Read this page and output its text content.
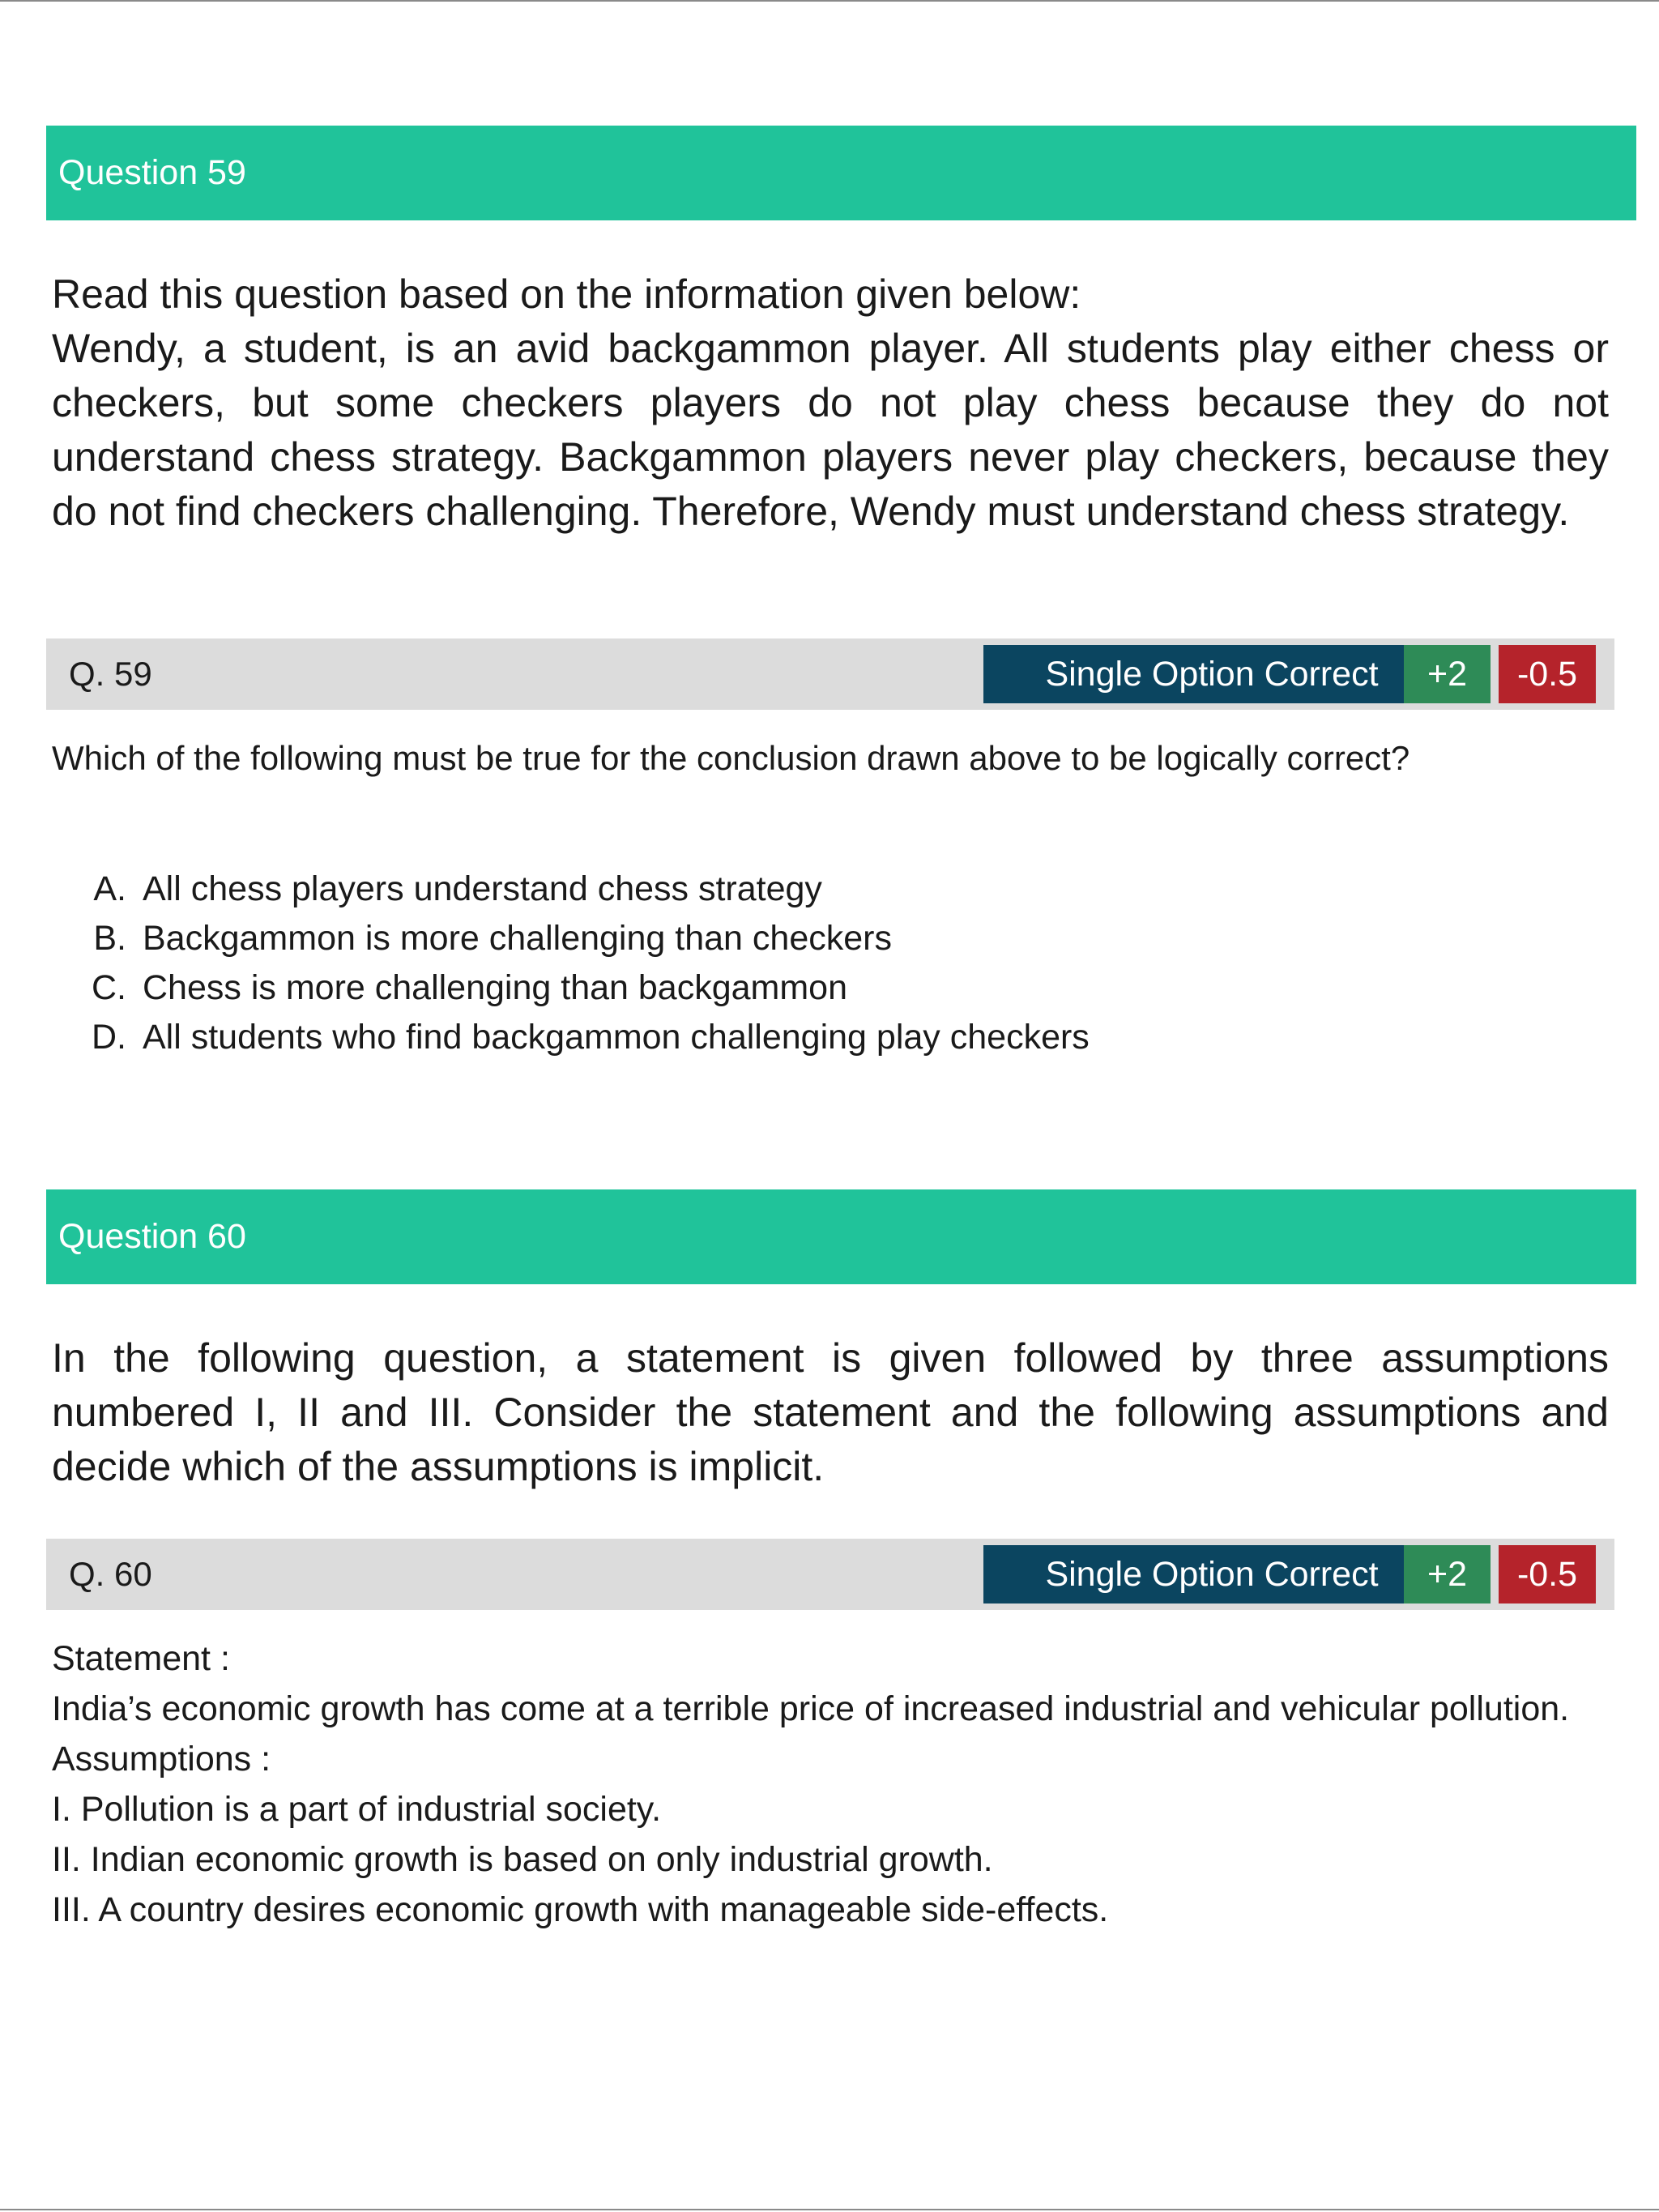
Question 59
Read this question based on the information given below:
Wendy, a student, is an avid backgammon player. All students play either chess or checkers, but some checkers players do not play chess because they do not understand chess strategy. Backgammon players never play checkers, because they do not find checkers challenging. Therefore, Wendy must understand chess strategy.
Q. 59	Single Option Correct	+2	-0.5
Which of the following must be true for the conclusion drawn above to be logically correct?
A. All chess players understand chess strategy
B. Backgammon is more challenging than checkers
C. Chess is more challenging than backgammon
D. All students who find backgammon challenging play checkers
Question 60
In the following question, a statement is given followed by three assumptions numbered I, II and III. Consider the statement and the following assumptions and decide which of the assumptions is implicit.
Q. 60	Single Option Correct	+2	-0.5
Statement :
India’s economic growth has come at a terrible price of increased industrial and vehicular pollution.
Assumptions :
I. Pollution is a part of industrial society.
II. Indian economic growth is based on only industrial growth.
III. A country desires economic growth with manageable side-effects.
